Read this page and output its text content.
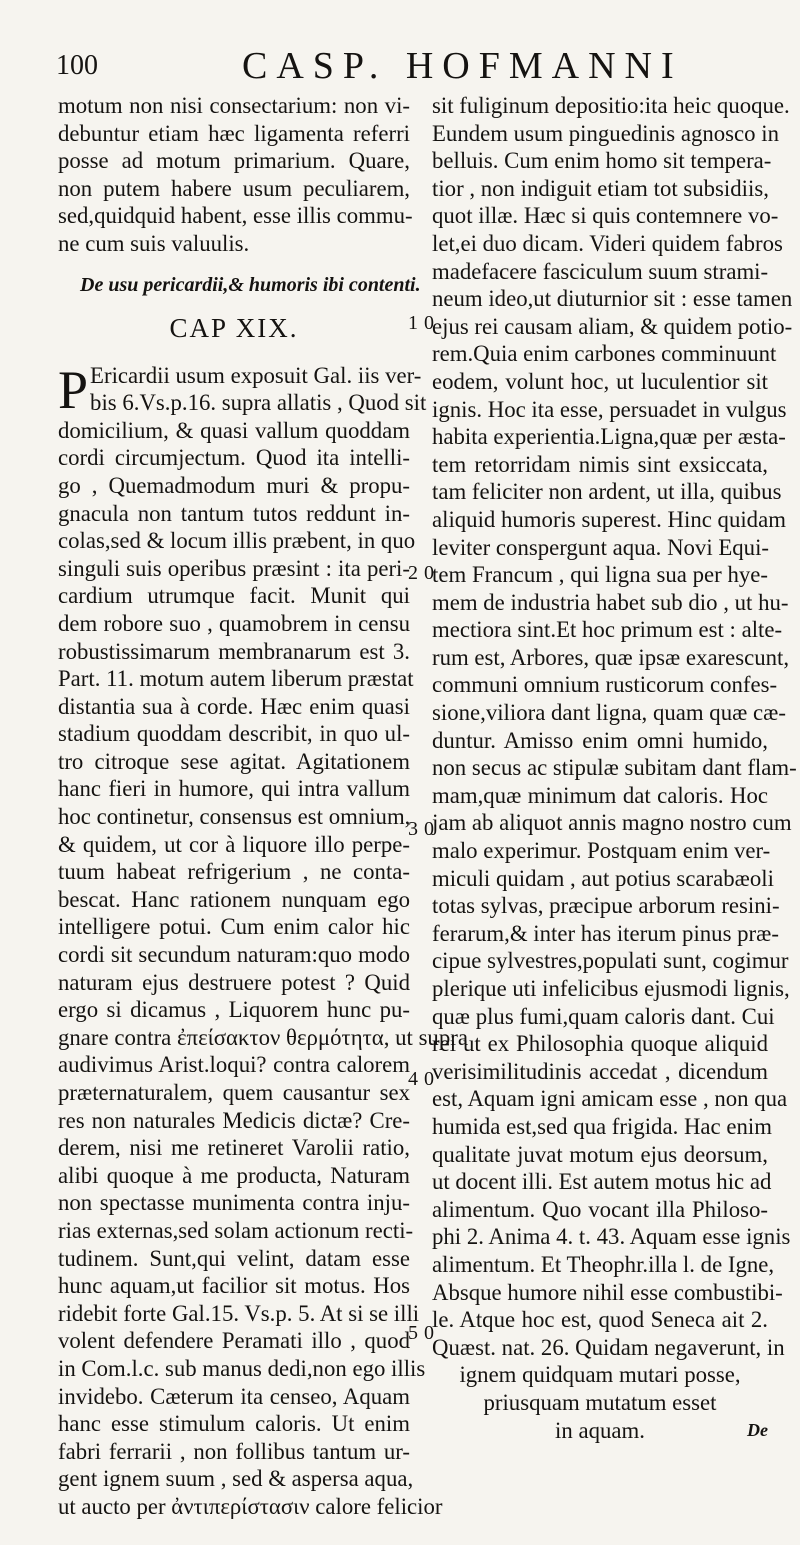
100	CASP. HOFMANNI
motum non nisi consectarium: non vi-
debuntur etiam hæc ligamenta referri
posse ad motum primarium. Quare,
non putem habere usum peculiarem,
sed,quidquid habent, esse illis commu-
ne cum suis valuulis.
De usu pericardii,& humoris ibi contenti.
CAP XIX.
P Ericardii usum exposuit Gal. iis ver-
bis 6.Vs.p.16. supra allatis , Quod sit
domicilium, & quasi vallum quoddam
cordi circumjectum. Quod ita intelli-
go , Quemadmodum muri & propu-
gnacula non tantum tutos reddunt in-
colas,sed & locum illis præbent, in quo
singuli suis operibus præsint : ita peri-
cardium utrumque facit. Munit qui
dem robore suo , quamobrem in censu
robustissimarum membranarum est 3.
Part. 11. motum autem liberum præstat
distantia sua à corde. Hæc enim quasi
stadium quoddam describit, in quo ul-
tro citroque sese agitat. Agitationem
hanc fieri in humore, qui intra vallum
hoc continetur, consensus est omnium,
& quidem, ut cor à liquore illo perpe-
tuum habeat refrigerium , ne conta-
bescat. Hanc rationem nunquam ego
intelligere potui. Cum enim calor hic
cordi sit secundum naturam:quo modo
naturam ejus destruere potest ? Quid
ergo si dicamus , Liquorem hunc pu-
gnare contra ἐπείσακτον θερμότητα, ut supra
audivimus Arist.loqui? contra calorem
præternaturalem, quem causantur sex
res non naturales Medicis dictæ? Cre-
derem, nisi me retineret Varolii ratio,
alibi quoque à me producta, Naturam
non spectasse munimenta contra inju-
rias externas,sed solam actionum recti-
tudinem. Sunt,qui velint, datam esse
hunc aquam,ut facilior sit motus. Hos
ridebit forte Gal.15. Vs.p. 5. At si se illi
volent defendere Peramati illo , quod
in Com.l.c. sub manus dedi,non ego illis
invidebo. Cæterum ita censeo, Aquam
hanc esse stimulum caloris. Ut enim
fabri ferrarii , non follibus tantum ur-
gent ignem suum , sed & aspersa aqua,
ut aucto per ἀντιπερίστασιν calore felicior
sit fuliginum depositio:ita heic quoque.
Eundem usum pinguedinis agnosco in
belluis. Cum enim homo sit tempera-
tior , non indiguit etiam tot subsidiis,
quot illæ. Hæc si quis contemnere vo-
let,ei duo dicam. Videri quidem fabros
madefacere fasciculum suum strami-
neum ideo,ut diuturnior sit : esse tamen
ejus rei causam aliam, & quidem potio-
rem.Quia enim carbones comminuunt
eodem, volunt hoc, ut luculentior sit
ignis. Hoc ita esse, persuadet in vulgus
habita experientia.Ligna,quæ per æsta-
tem retorridam nimis sint exsiccata,
tam feliciter non ardent, ut illa, quibus
aliquid humoris superest. Hinc quidam
leviter conspergunt aqua. Novi Equi-
tem Francum , qui ligna sua per hye-
mem de industria habet sub dio , ut hu-
mectiora sint.Et hoc primum est : alte-
rum est, Arbores, quæ ipsæ exarescunt,
communi omnium rusticorum confes-
sione,viliora dant ligna, quam quæ cæ-
duntur. Amisso enim omni humido,
non secus ac stipulæ subitam dant flam-
mam,quæ minimum dat caloris. Hoc
jam ab aliquot annis magno nostro cum
malo experimur. Postquam enim ver-
miculi quidam , aut potius scarabæoli
totas sylvas, præcipue arborum resini-
ferarum,& inter has iterum pinus præ-
cipue sylvestres,populati sunt, cogimur
plerique uti infelicibus ejusmodi lignis,
quæ plus fumi,quam caloris dant. Cui
rei ut ex Philosophia quoque aliquid
verisimilitudinis accedat , dicendum
est, Aquam igni amicam esse , non qua
humida est,sed qua frigida. Hac enim
qualitate juvat motum ejus deorsum,
ut docent illi. Est autem motus hic ad
alimentum. Quo vocant illa Philoso-
phi 2. Anima 4. t. 43. Aquam esse ignis
alimentum. Et Theophr.illa l. de Igne,
Absque humore nihil esse combustibi-
le. Atque hoc est, quod Seneca ait 2.
Quæst. nat. 26. Quidam negaverunt, in
ignem quidquam mutari posse,
priusquam mutatum esset
in aquam.
10
20
30
40
50
De
